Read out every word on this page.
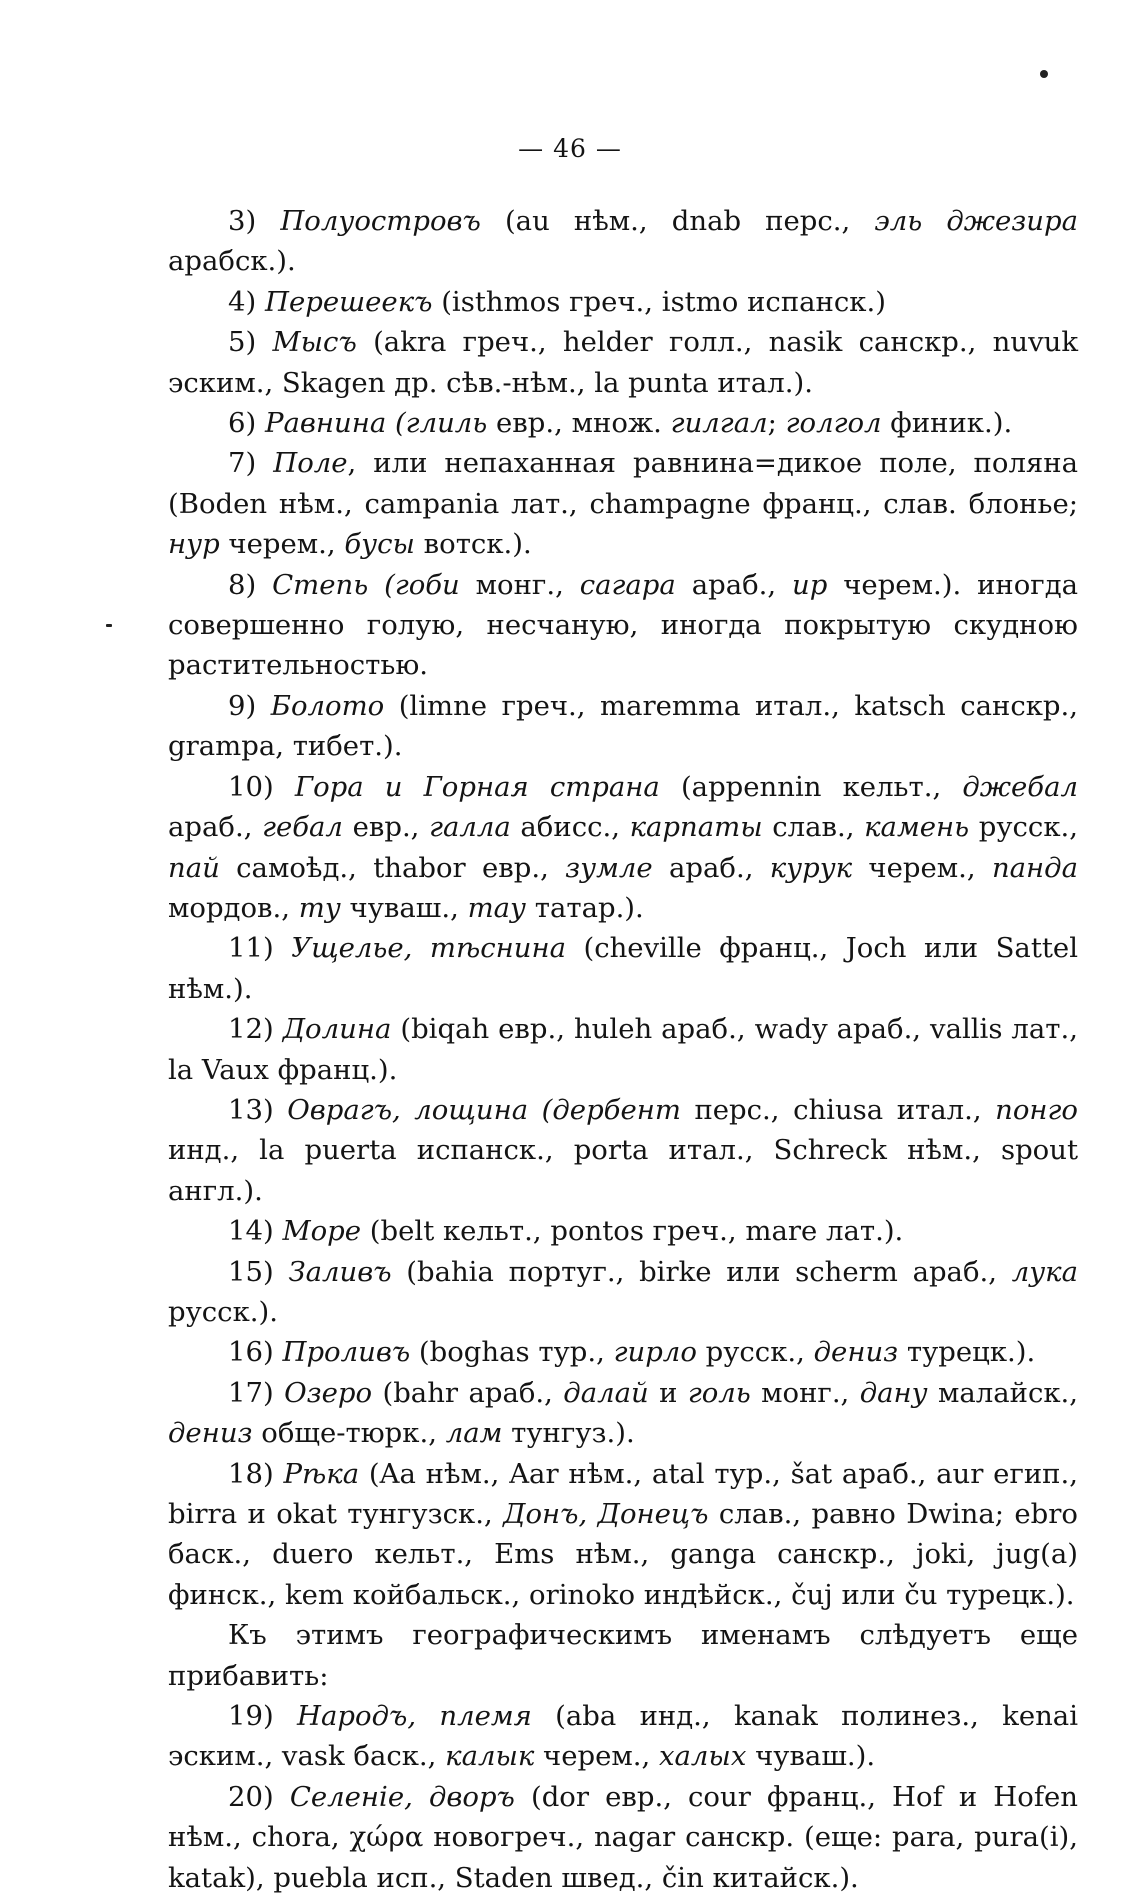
— 46 —

3) Полуостровъ (au нѣм., dnab перс., эль джезира арабск.).

4) Перешеекъ (isthmos греч., istmo испанск.)

5) Мысъ (akra греч., helder голл., nasik санскр., nuvuk эским., Skagen др. сѣв.-нѣм., la punta итал.).

6) Равнина (глиль евр., множ. гилгал; голгол финик.).

7) Поле, или непаханная равнина=дикое поле, поляна (Boden нѣм., campania лат., champagne франц., слав. блонье; нур черем., бусы вотск.).

8) Степь (гоби монг., сагара араб., ир черем.). иногда совершенно голую, несчаную, иногда покрытую скудною растительностью.

9) Болото (limne греч., maremma итал., katsch санскр., grampa, тибет.).

10) Гора и Горная страна (appennin кельт., джебал араб., гебал евр., галла абисс., карпаты слав., камень русск., пай самоѣд., thabor евр., зумле араб., курук черем., панда мордов., ту чуваш., тау татар.).

11) Ущелье, тѣснина (cheville франц., Joch или Sattel нѣм.).

12) Долина (biqah евр., huleh араб., wady араб., vallis лат., la Vaux франц.).

13) Оврагъ, лощина (дербент перс., chiusa итал., понго инд., la puerta испанск., porta итал., Schreck нѣм., spout англ.).

14) Море (belt кельт., pontos греч., mare лат.).

15) Заливъ (bahia португ., birke или scherm араб., лука русск.).

16) Проливъ (boghas тур., гирло русск., дениз турецк.).

17) Озеро (bahr араб., далай и голь монг., дану малайск., дениз обще-тюрк., лам тунгуз.).

18) Рѣка (Aa нѣм., Aar нѣм., atal тур., šat араб., aur егип., birra и okat тунгузск., Донъ, Донецъ слав., равно Dwina; ebro баск., duero кельт., Ems нѣм., ganga санскр., joki, jug(a) финск., kem койбальск., orinoko индѣйск., čuj или ču турецк.).

Къ этимъ географическимъ именамъ слѣдуетъ еще прибавить:

19) Народъ, племя (aba инд., kanak полинез., kenai эским., vask баск., калык черем., халых чуваш.).

20) Селеніе, дворъ (dor евр., cour франц., Hof и Hofen нѣм., chora, χώρα новогреч., nagar санскр. (еще: para, pura(i), katak), puebla исп., Staden швед., čin китайск.).
